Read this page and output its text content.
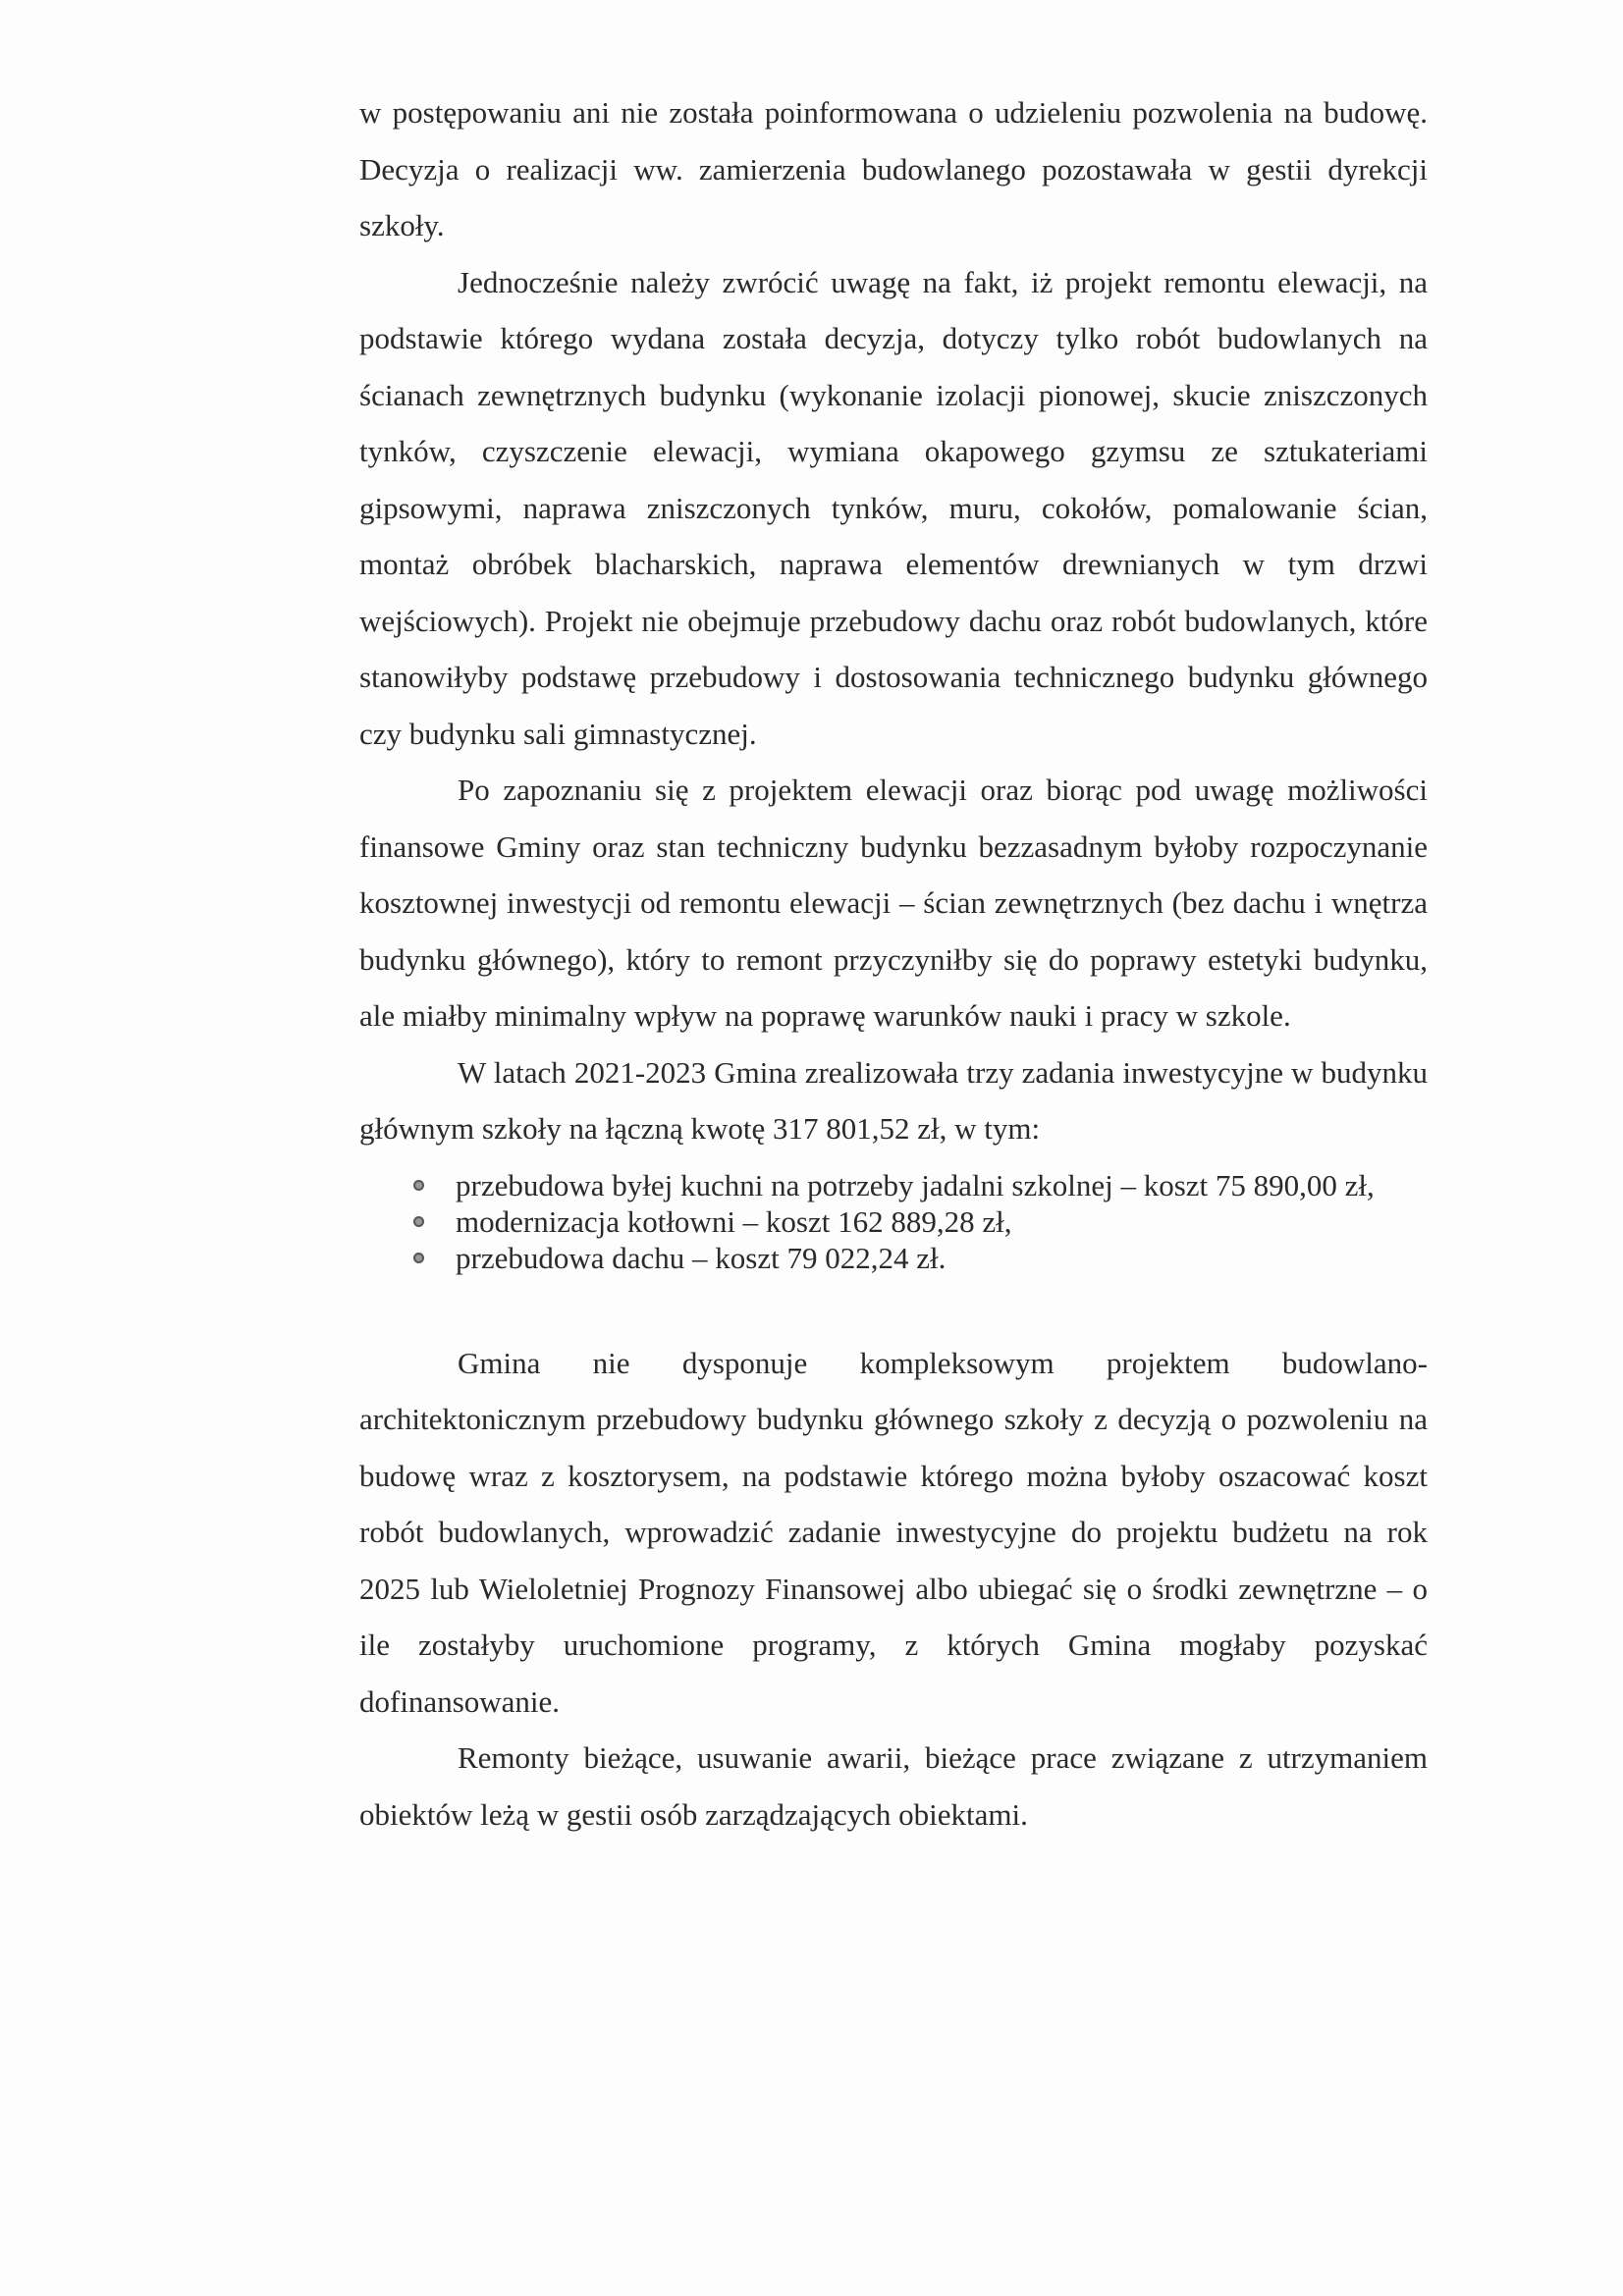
w postępowaniu ani nie została poinformowana o udzieleniu pozwolenia na budowę. Decyzja o realizacji ww. zamierzenia budowlanego pozostawała w gestii dyrekcji szkoły.

Jednocześnie należy zwrócić uwagę na fakt, iż projekt remontu elewacji, na podstawie którego wydana została decyzja, dotyczy tylko robót budowlanych na ścianach zewnętrznych budynku (wykonanie izolacji pionowej, skucie zniszczonych tynków, czyszczenie elewacji, wymiana okapowego gzymsu ze sztukateriami gipsowymi, naprawa zniszczonych tynków, muru, cokołów, pomalowanie ścian, montaż obróbek blacharskich, naprawa elementów drewnianych w tym drzwi wejściowych). Projekt nie obejmuje przebudowy dachu oraz robót budowlanych, które stanowiłyby podstawę przebudowy i dostosowania technicznego budynku głównego czy budynku sali gimnastycznej.

Po zapoznaniu się z projektem elewacji oraz biorąc pod uwagę możliwości finansowe Gminy oraz stan techniczny budynku bezzasadnym byłoby rozpoczynanie kosztownej inwestycji od remontu elewacji – ścian zewnętrznych (bez dachu i wnętrza budynku głównego), który to remont przyczyniłby się do poprawy estetyki budynku, ale miałby minimalny wpływ na poprawę warunków nauki i pracy w szkole.

W latach 2021-2023 Gmina zrealizowała trzy zadania inwestycyjne w budynku głównym szkoły na łączną kwotę 317 801,52 zł, w tym:

przebudowa byłej kuchni na potrzeby jadalni szkolnej – koszt 75 890,00 zł,
modernizacja kotłowni – koszt 162 889,28 zł,
przebudowa dachu – koszt 79 022,24 zł.

Gmina nie dysponuje kompleksowym projektem budowlano-architektonicznym przebudowy budynku głównego szkoły z decyzją o pozwoleniu na budowę wraz z kosztorysem, na podstawie którego można byłoby oszacować koszt robót budowlanych, wprowadzić zadanie inwestycyjne do projektu budżetu na rok 2025 lub Wieloletniej Prognozy Finansowej albo ubiegać się o środki zewnętrzne – o ile zostałyby uruchomione programy, z których Gmina mogłaby pozyskać dofinansowanie.

Remonty bieżące, usuwanie awarii, bieżące prace związane z utrzymaniem obiektów leżą w gestii osób zarządzających obiektami.
